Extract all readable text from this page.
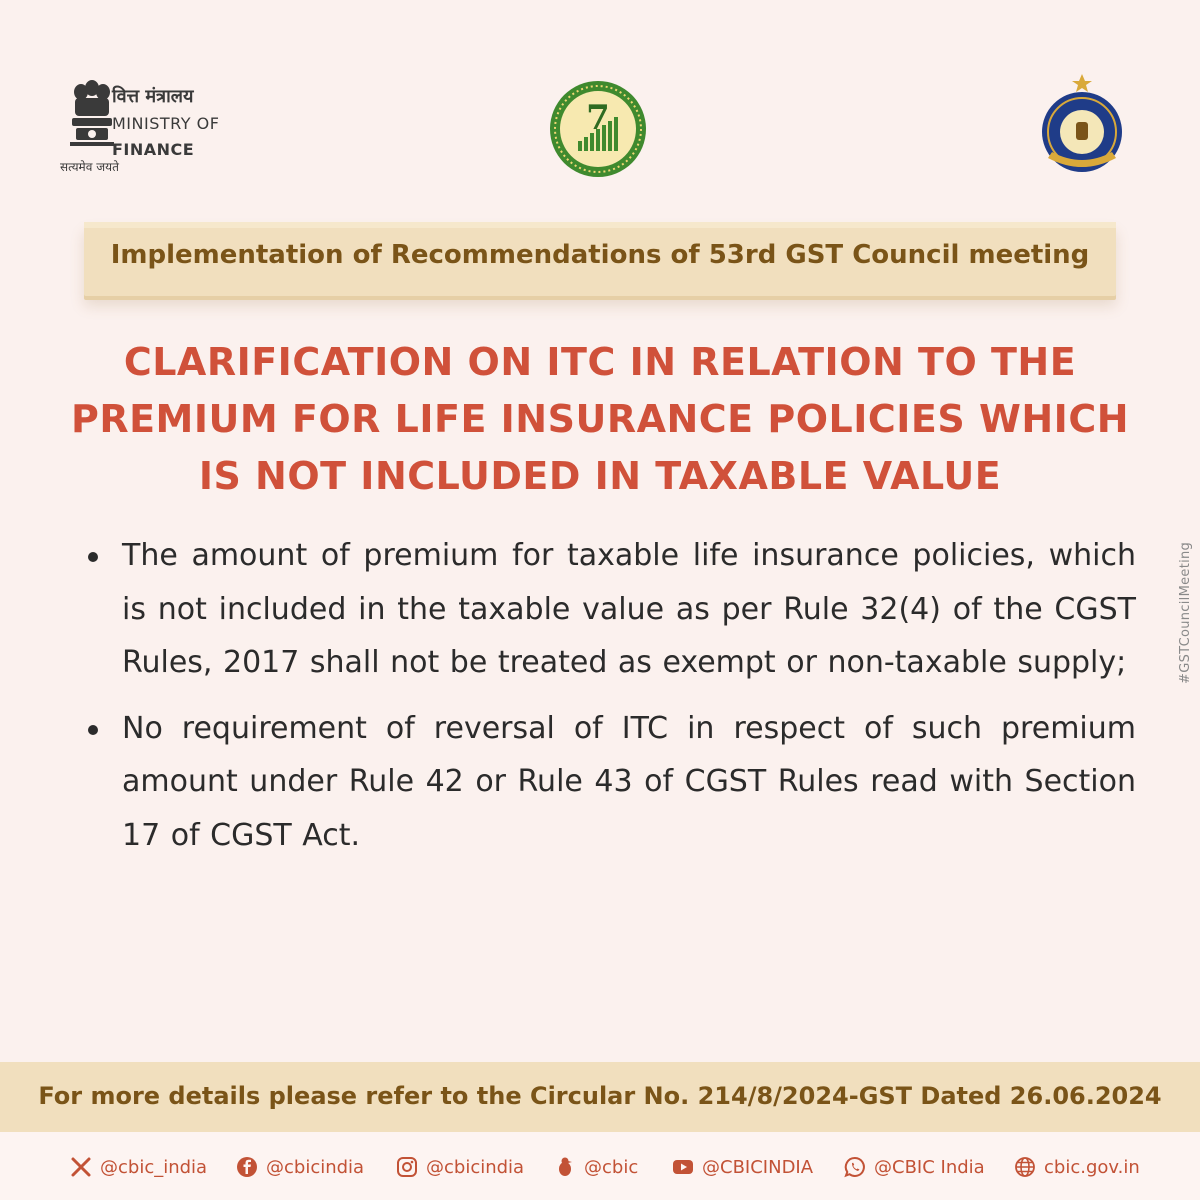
सत्यमेव जयते
वित्त मंत्रालय
MINISTRY OF
FINANCE
7
Implementation of Recommendations of 53rd GST Council meeting
CLARIFICATION ON ITC IN RELATION TO THE
PREMIUM FOR LIFE INSURANCE POLICIES WHICH
IS NOT INCLUDED IN TAXABLE VALUE
The amount of premium for taxable life insurance policies, which is not included in the taxable value as per Rule 32(4) of the CGST Rules, 2017 shall not be treated as exempt or non-taxable supply;
No requirement of reversal of ITC in respect of such premium amount under Rule 42 or Rule 43 of CGST Rules read with Section 17 of CGST Act.
#GSTCouncilMeeting
For more details please refer to the Circular No. 214/8/2024-GST Dated 26.06.2024
@cbic_india	@cbicindia	@cbicindia	@cbic	@CBICINDIA	@CBIC India	cbic.gov.in
